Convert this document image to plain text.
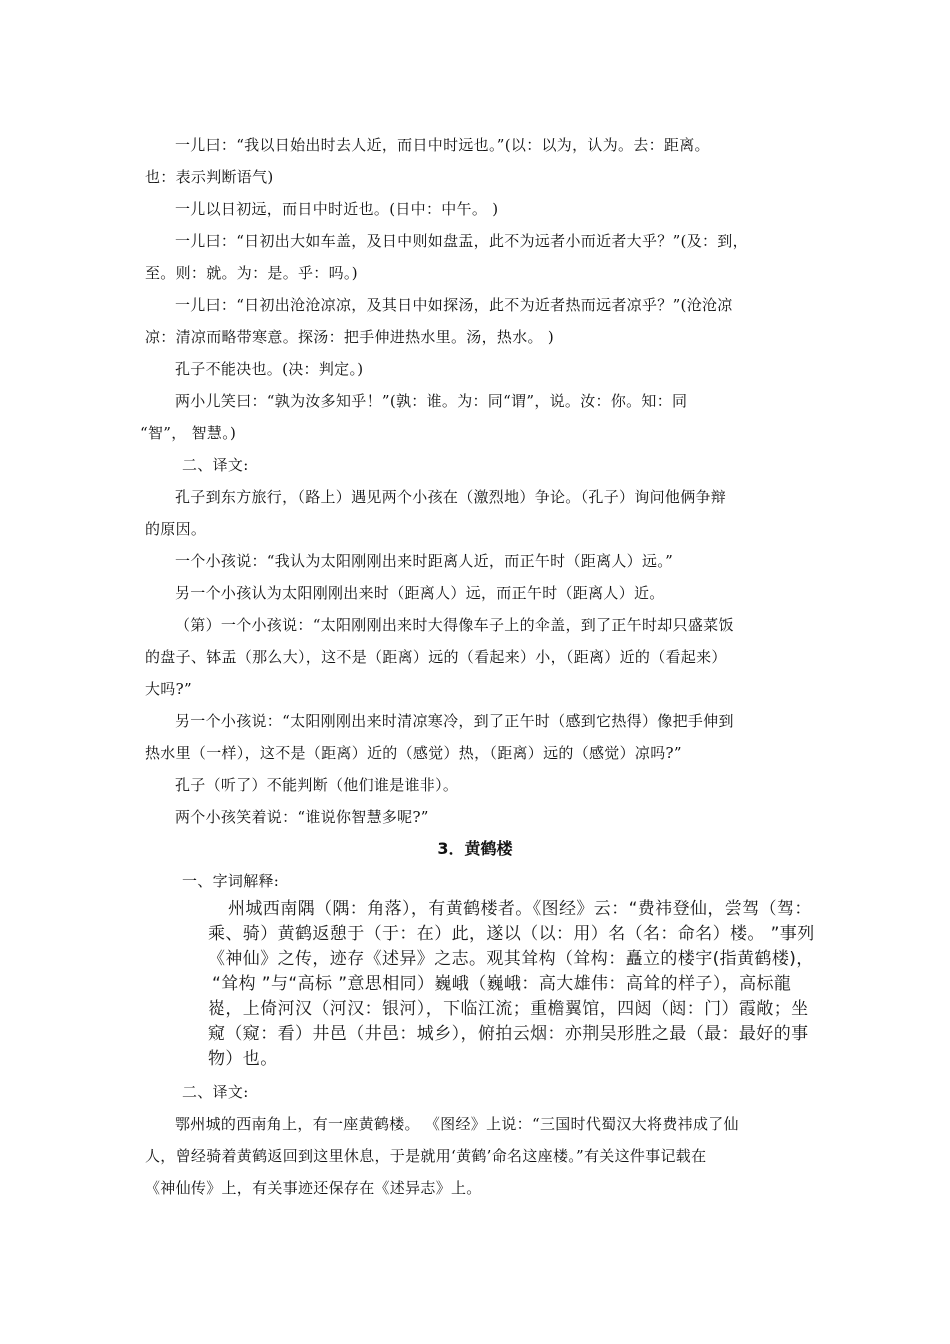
一儿曰：“我以日始出时去人近，而日中时远也。”(以：以为，认为。去：距离。
也：表示判断语气)
一儿以日初远，而日中时近也。(日中：中午。 )
一儿曰：“日初出大如车盖，及日中则如盘盂，此不为远者小而近者大乎？”(及：到，
至。则：就。为：是。乎：吗。)
一儿曰：“日初出沧沧凉凉，及其日中如探汤，此不为近者热而远者凉乎？”(沧沧凉
凉：清凉而略带寒意。探汤：把手伸进热水里。汤，热水。 )
孔子不能决也。(决：判定。)
两小儿笑曰：“孰为汝多知乎！”(孰：谁。为：同“谓”，说。汝：你。知：同
“智”， 智慧。)
二、译文:
孔子到东方旅行，（路上）遇见两个小孩在（激烈地）争论。（孔子）询问他俩争辩
的原因。
一个小孩说：“我认为太阳刚刚出来时距离人近，而正午时（距离人）远。”
另一个小孩认为太阳刚刚出来时（距离人）远，而正午时（距离人）近。
（第）一个小孩说：“太阳刚刚出来时大得像车子上的伞盖，到了正午时却只盛菜饭
的盘子、钵盂（那么大），这不是（距离）远的（看起来）小，（距离）近的（看起来）
大吗?”
另一个小孩说：“太阳刚刚出来时清凉寒冷，到了正午时（感到它热得）像把手伸到
热水里（一样），这不是（距离）近的（感觉）热，（距离）远的（感觉）凉吗?”
孔子（听了）不能判断（他们谁是谁非）。
两个小孩笑着说：“谁说你智慧多呢?”
3．黄鹤楼
一、字词解释:
州城西南隅（隅：角落），有黄鹤楼者。《图经》云：“费祎登仙，尝驾（驾：
乘、骑）黄鹤返憩于（于：在）此，遂以（以：用）名（名：命名）楼。 ”事列
《神仙》之传，迹存《述异》之志。观其耸构（耸构：矗立的楼宇(指黄鹤楼)，
“耸构 ”与“高标 ”意思相同）巍峨（巍峨：高大雄伟：高耸的样子），高标龍
嵸，上倚河汉（河汉：银河），下临江流；重檐翼馆，四闼（闼：门）霞敞；坐
窥（窥：看）井邑（井邑：城乡），俯拍云烟：亦荆吴形胜之最（最：最好的事
物）也。
二、译文:
鄂州城的西南角上，有一座黄鹤楼。 《图经》上说：“三国时代蜀汉大将费祎成了仙
人，曾经骑着黄鹤返回到这里休息，于是就用‘黄鹤’命名这座楼。”有关这件事记载在
《神仙传》上，有关事迹还保存在《述异志》上。
